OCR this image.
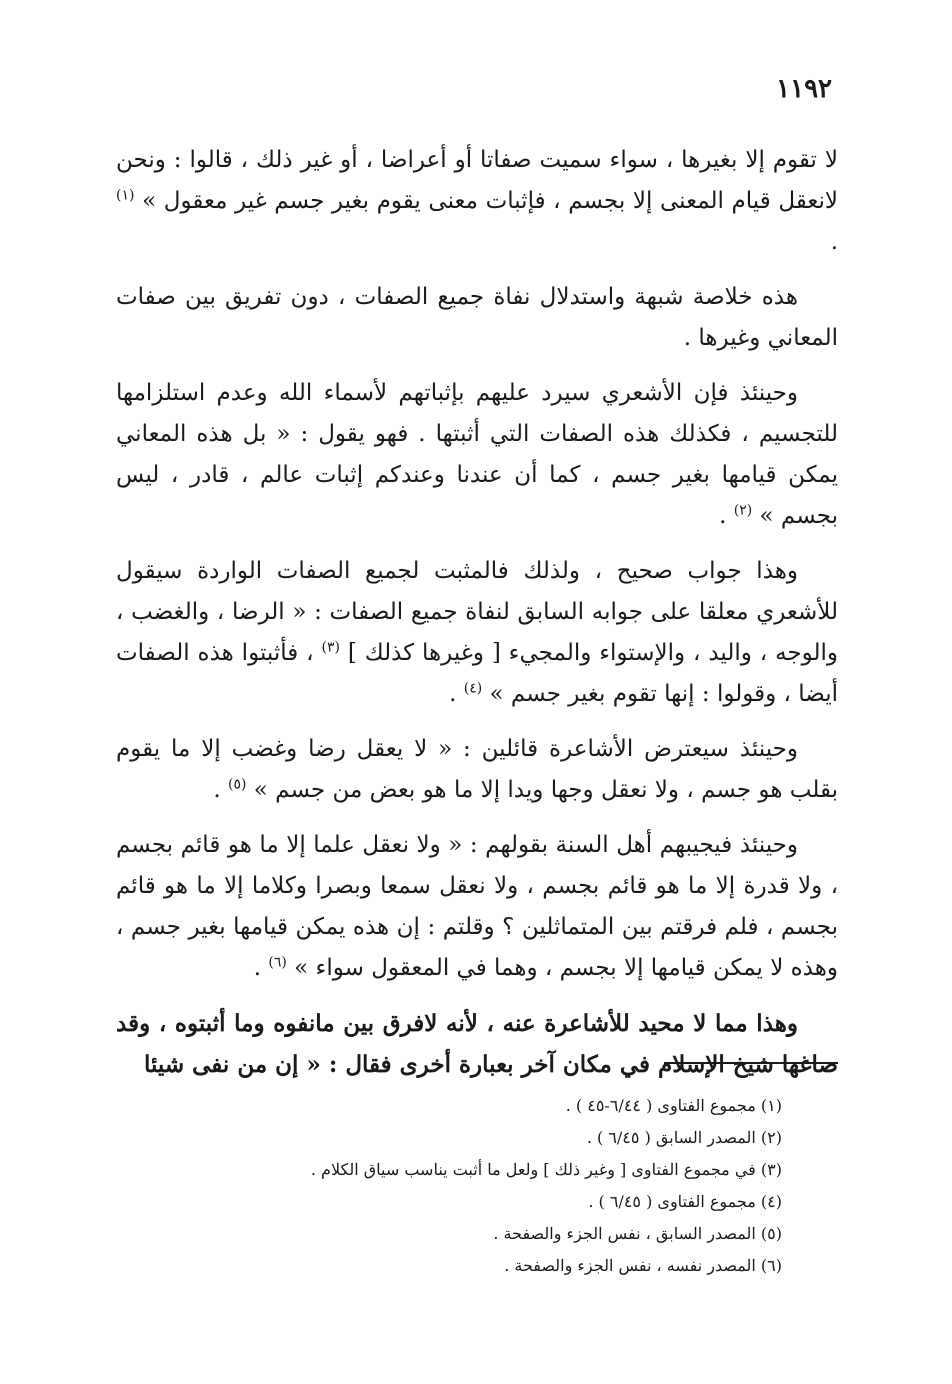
١١٩٢

لا تقوم إلا بغيرها ، سواء سميت صفاتا أو أعراضا ، أو غير ذلك ، قالوا : ونحن لانعقل قيام المعنى إلا بجسم ، فإثبات معنى يقوم بغير جسم غير معقول » $^{(١)}$ .

هذه خلاصة شبهة واستدلال نفاة جميع الصفات ، دون تفريق بين صفات المعاني وغيرها .

وحينئذ فإن الأشعري سيرد عليهم بإثباتهم لأسماء الله وعدم استلزامها للتجسيم ، فكذلك هذه الصفات التي أثبتها . فهو يقول : « بل هذه المعاني يمكن قيامها بغير جسم ، كما أن عندنا وعندكم إثبات عالم ، قادر ، ليس بجسم » $^{(٢)}$ .

وهذا جواب صحيح ، ولذلك فالمثبت لجميع الصفات الواردة سيقول للأشعري معلقا على جوابه السابق لنفاة جميع الصفات : « الرضا ، والغضب ، والوجه ، واليد ، والإستواء والمجيء [ وغيرها كذلك ] $^{(٣)}$ ، فأثبتوا هذه الصفات أيضا ، وقولوا : إنها تقوم بغير جسم » $^{(٤)}$ .

وحينئذ سيعترض الأشاعرة قائلين : « لا يعقل رضا وغضب إلا ما يقوم بقلب هو جسم ، ولا نعقل وجها ويدا إلا ما هو بعض من جسم » $^{(٥)}$ .

وحينئذ فيجيبهم أهل السنة بقولهم : « ولا نعقل علما إلا ما هو قائم بجسم ، ولا قدرة إلا ما هو قائم بجسم ، ولا نعقل سمعا وبصرا وكلاما إلا ما هو قائم بجسم ، فلم فرقتم بين المتماثلين ؟ وقلتم : إن هذه يمكن قيامها بغير جسم ، وهذه لا يمكن قيامها إلا بجسم ، وهما في المعقول سواء » $^{(٦)}$ .

وهذا مما لا محيد للأشاعرة عنه ، لأنه لافرق بين مانفوه وما أثبتوه ، وقد صاغها شيخ الإسلام في مكان آخر بعبارة أخرى فقال : « إن من نفى شيئا

(١) مجموع الفتاوى ( ٦/٤٤-٤٥ ) .
(٢) المصدر السابق ( ٦/٤٥ ) .
(٣) في مجموع الفتاوى [ وغير ذلك ] ولعل ما أثبت يناسب سياق الكلام .
(٤) مجموع الفتاوى ( ٦/٤٥ ) .
(٥) المصدر السابق ، نفس الجزء والصفحة .
(٦) المصدر نفسه ، نفس الجزء والصفحة .
